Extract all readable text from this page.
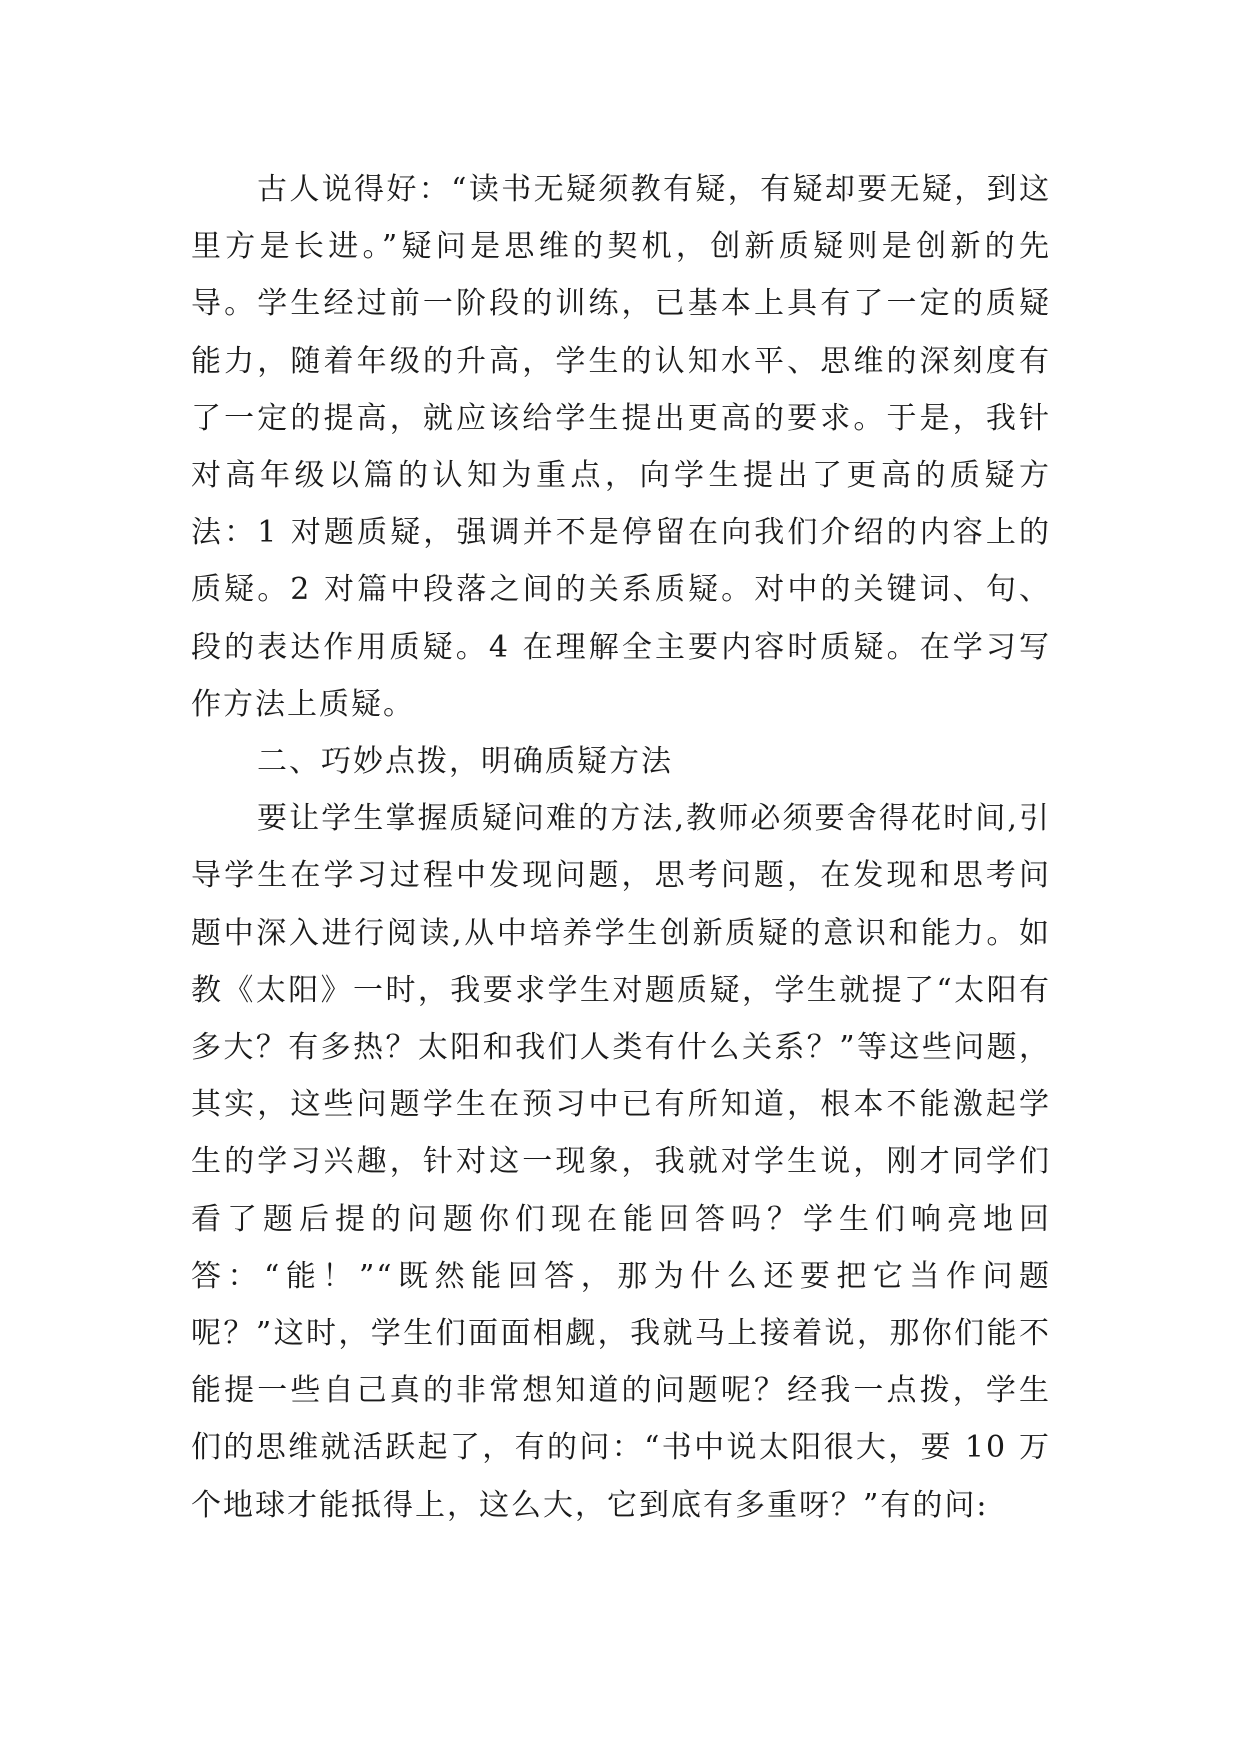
古人说得好：“读书无疑须教有疑，有疑却要无疑，到这里方是长进。”疑问是思维的契机，创新质疑则是创新的先导。学生经过前一阶段的训练，已基本上具有了一定的质疑能力，随着年级的升高，学生的认知水平、思维的深刻度有了一定的提高，就应该给学生提出更高的要求。于是，我针对高年级以篇的认知为重点，向学生提出了更高的质疑方法：1 对题质疑，强调并不是停留在向我们介绍的内容上的质疑。2 对篇中段落之间的关系质疑。对中的关键词、句、段的表达作用质疑。4 在理解全主要内容时质疑。在学习写作方法上质疑。

二、巧妙点拨，明确质疑方法

要让学生掌握质疑问难的方法,教师必须要舍得花时间,引导学生在学习过程中发现问题，思考问题，在发现和思考问题中深入进行阅读,从中培养学生创新质疑的意识和能力。如教《太阳》一时，我要求学生对题质疑，学生就提了“太阳有多大？有多热？太阳和我们人类有什么关系？”等这些问题，其实，这些问题学生在预习中已有所知道，根本不能激起学生的学习兴趣，针对这一现象，我就对学生说，刚才同学们看了题后提的问题你们现在能回答吗？学生们响亮地回答：“能！”“既然能回答，那为什么还要把它当作问题呢？”这时，学生们面面相觑，我就马上接着说，那你们能不能提一些自己真的非常想知道的问题呢？经我一点拨，学生们的思维就活跃起了，有的问：“书中说太阳很大，要 10 万个地球才能抵得上，这么大，它到底有多重呀？”有的问:
